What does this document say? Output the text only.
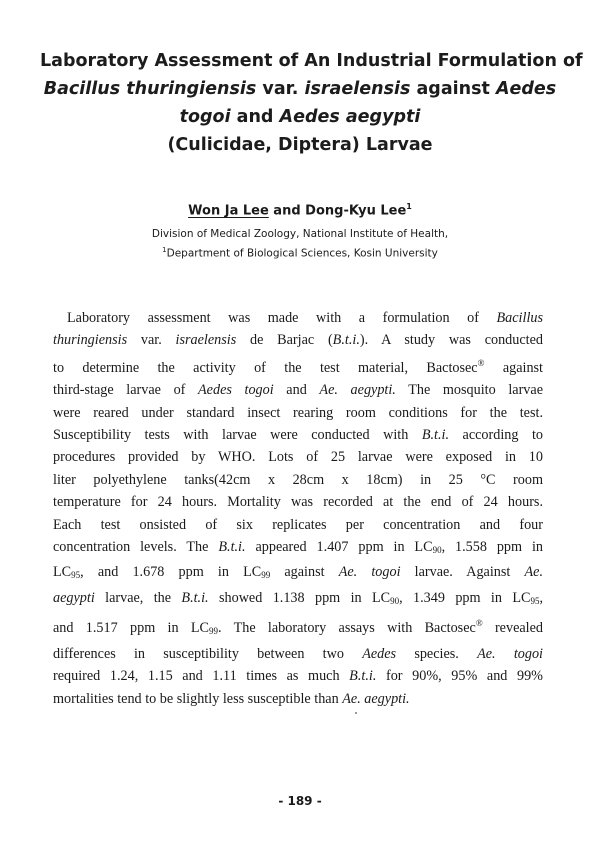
Laboratory Assessment of An Industrial Formulation of
Bacillus thuringiensis var. israelensis against Aedes
togoi and Aedes aegypti
(Culicidae, Diptera) Larvae

Won Ja Lee and Dong-Kyu Lee$^1$

Division of Medical Zoology, National Institute of Health,

$^1$Department of Biological Sciences, Kosin University

Laboratory assessment was made with a formulation of Bacillus
thuringiensis var. israelensis de Barjac (B.t.i.). A study was conducted
to determine the activity of the test material, Bactosec® against
third-stage larvae of Aedes togoi and Ae. aegypti. The mosquito larvae
were reared under standard insect rearing room conditions for the test.
Susceptibility tests with larvae were conducted with B.t.i. according to
procedures provided by WHO. Lots of 25 larvae were exposed in 10
liter polyethylene tanks(42cm x 28cm x 18cm) in 25 °C room
temperature for 24 hours. Mortality was recorded at the end of 24 hours.
Each test onsisted of six replicates per concentration and four
concentration levels. The B.t.i. appeared 1.407 ppm in $LC_{90}$, 1.558 ppm in
$LC_{95}$, and 1.678 ppm in $LC_{99}$ against Ae. togoi larvae. Against Ae.
aegypti larvae, the B.t.i. showed 1.138 ppm in $LC_{90}$, 1.349 ppm in $LC_{95}$,
and 1.517 ppm in $LC_{99}$. The laboratory assays with Bactosec® revealed
differences in susceptibility between two Aedes species. Ae. togoi
required 1.24, 1.15 and 1.11 times as much B.t.i. for 90%, 95% and 99%
mortalities tend to be slightly less susceptible than Ae. aegypti.

- 189 -
